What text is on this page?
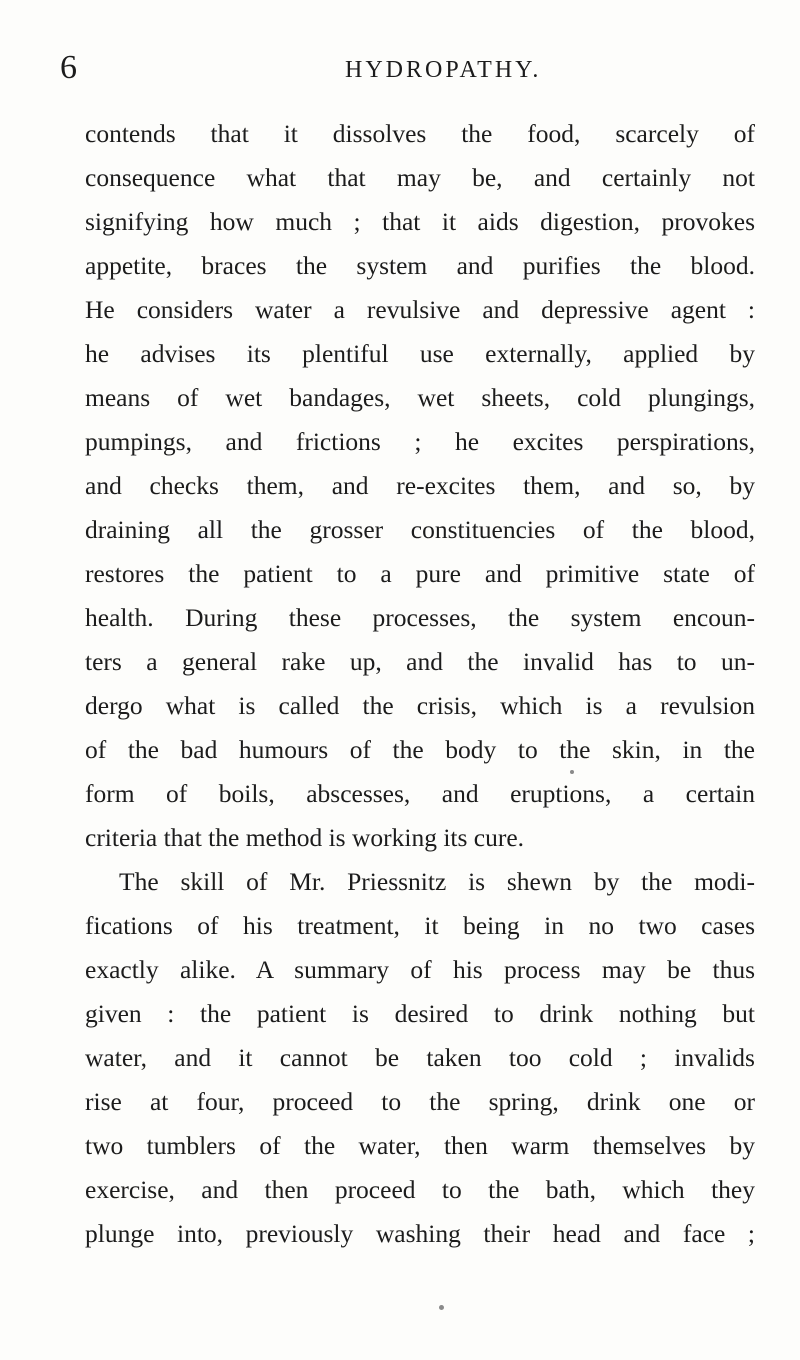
6	HYDROPATHY.
contends that it dissolves the food, scarcely of
consequence what that may be, and certainly not
signifying how much ; that it aids digestion, provokes
appetite, braces the system and purifies the blood.
He considers water a revulsive and depressive agent :
he advises its plentiful use externally, applied by
means of wet bandages, wet sheets, cold plungings,
pumpings, and frictions ; he excites perspirations,
and checks them, and re-excites them, and so, by
draining all the grosser constituencies of the blood,
restores the patient to a pure and primitive state of
health. During these processes, the system encoun-
ters a general rake up, and the invalid has to un-
dergo what is called the crisis, which is a revulsion
of the bad humours of the body to the skin, in the
form of boils, abscesses, and eruptions, a certain
criteria that the method is working its cure.
The skill of Mr. Priessnitz is shewn by the modi-
fications of his treatment, it being in no two cases
exactly alike. A summary of his process may be thus
given : the patient is desired to drink nothing but
water, and it cannot be taken too cold ; invalids
rise at four, proceed to the spring, drink one or
two tumblers of the water, then warm themselves by
exercise, and then proceed to the bath, which they
plunge into, previously washing their head and face ;
